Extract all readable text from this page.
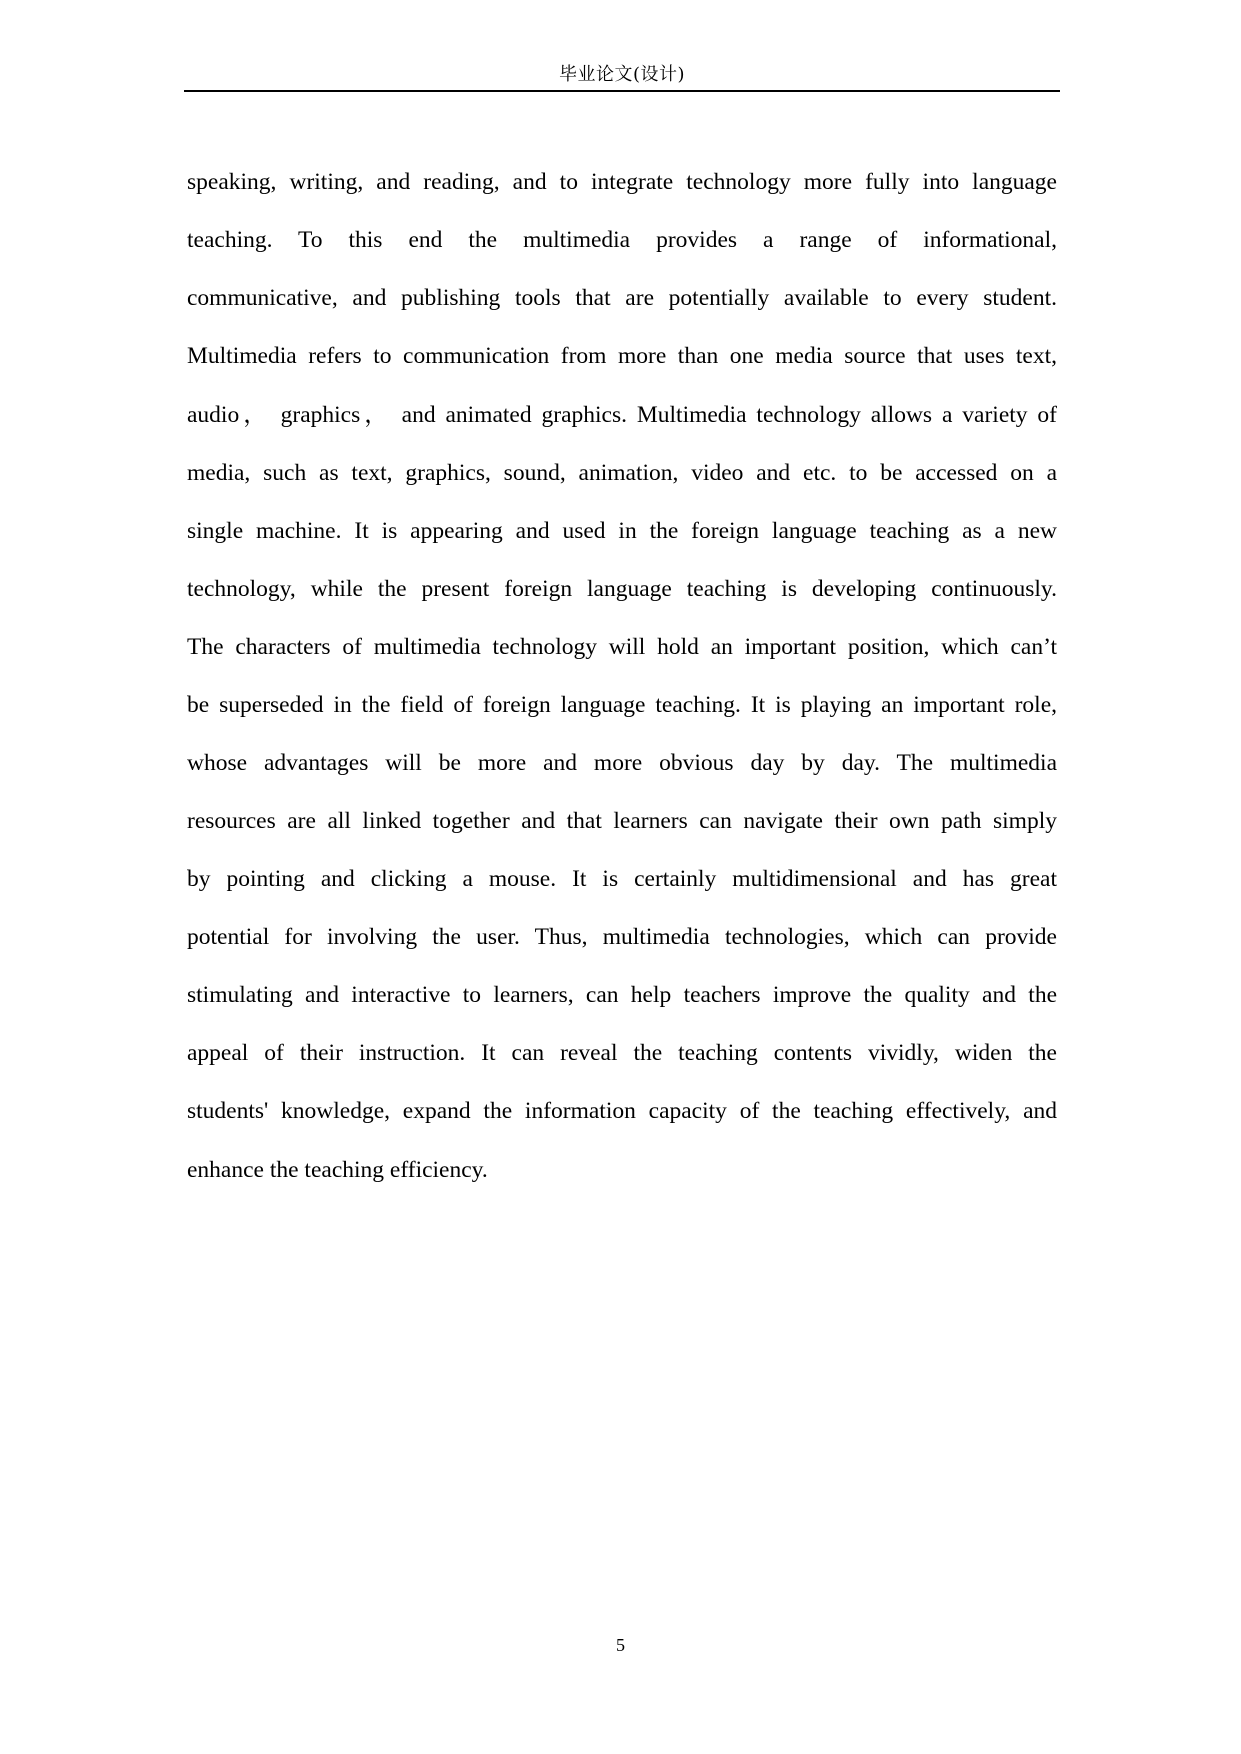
毕业论文(设计)
speaking, writing, and reading, and to integrate technology more fully into language
teaching. To this end the multimedia provides a range of informational,
communicative, and publishing tools that are potentially available to every student.
Multimedia refers to communication from more than one media source that uses text,
audio， graphics， and animated graphics. Multimedia technology allows a variety of
media, such as text, graphics, sound, animation, video and etc. to be accessed on a
single machine. It is appearing and used in the foreign language teaching as a new
technology, while the present foreign language teaching is developing continuously.
The characters of multimedia technology will hold an important position, which can’t
be superseded in the field of foreign language teaching. It is playing an important role,
whose advantages will be more and more obvious day by day. The multimedia
resources are all linked together and that learners can navigate their own path simply
by pointing and clicking a mouse. It is certainly multidimensional and has great
potential for involving the user. Thus, multimedia technologies, which can provide
stimulating and interactive to learners, can help teachers improve the quality and the
appeal of their instruction. It can reveal the teaching contents vividly, widen the
students' knowledge, expand the information capacity of the teaching effectively, and
enhance the teaching efficiency.
5
